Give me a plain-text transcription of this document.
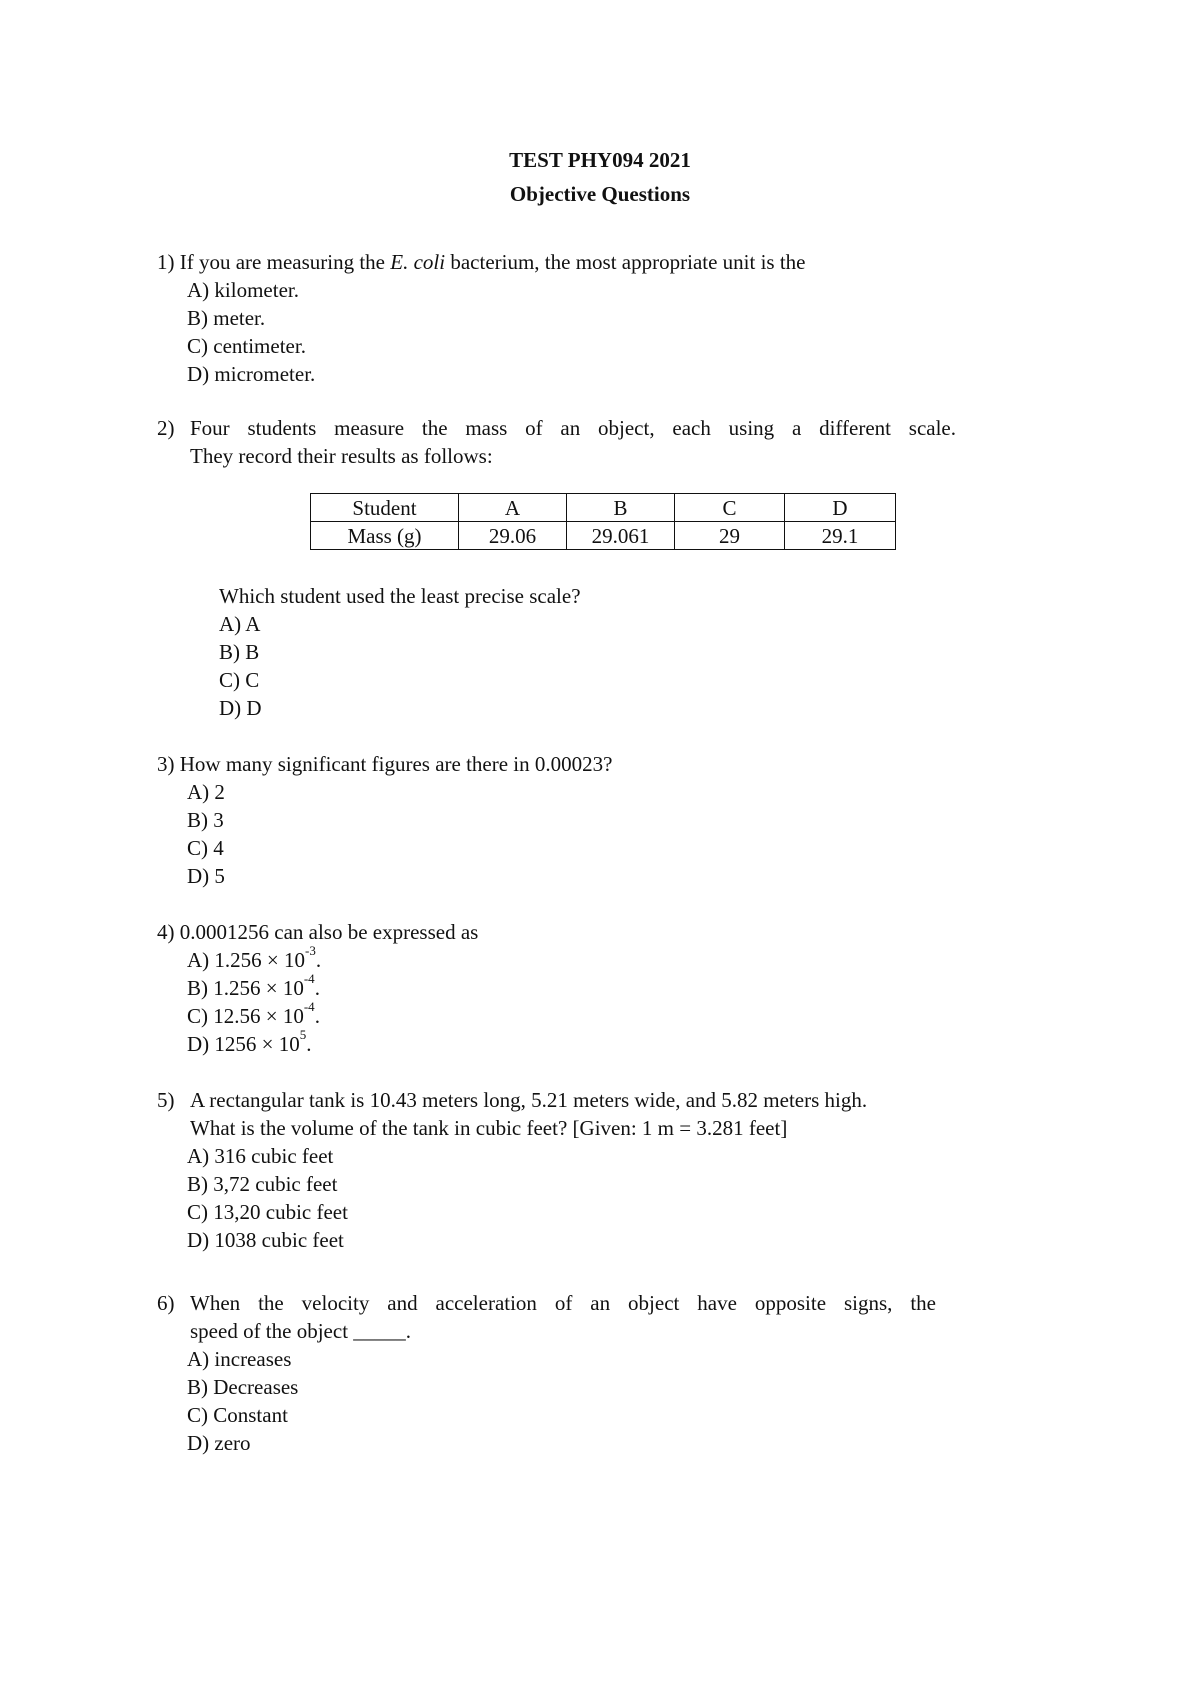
TEST PHY094 2021
Objective Questions
1) If you are measuring the E. coli bacterium, the most appropriate unit is the
A) kilometer.
B) meter.
C) centimeter.
D) micrometer.
2) Four students measure the mass of an object, each using a different scale.
They record their results as follows:
Student	A	B	C	D
Mass (g)	29.06	29.061	29	29.1
Which student used the least precise scale?
A) A
B) B
C) C
D) D
3) How many significant figures are there in 0.00023?
A) 2
B) 3
C) 4
D) 5
4) 0.0001256 can also be expressed as
A) $1.256 \times 10^{-3}$.
B) $1.256 \times 10^{-4}$.
C) $12.56 \times 10^{-4}$.
D) $1256 \times 10^5$.
5) A rectangular tank is 10.43 meters long, 5.21 meters wide, and 5.82 meters high.
What is the volume of the tank in cubic feet? [Given: 1 m = 3.281 feet]
A) 316 cubic feet
B) 3,72 cubic feet
C) 13,20 cubic feet
D) 1038 cubic feet
6) When the velocity and acceleration of an object have opposite signs, the
speed of the object _____.
A) increases
B) Decreases
C) Constant
D) zero
